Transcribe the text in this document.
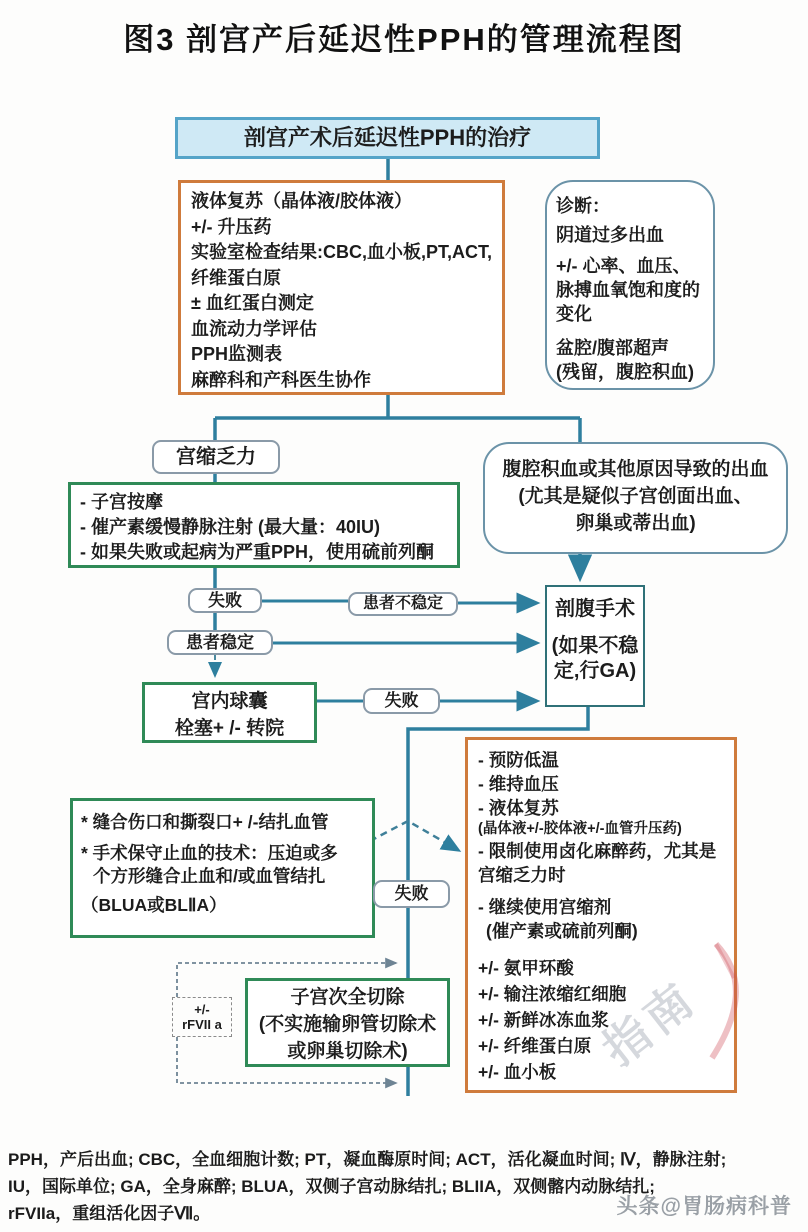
图3 剖宫产后延迟性PPH的管理流程图
剖宫产术后延迟性PPH的治疗
液体复苏（晶体液/胶体液）
+/- 升压药
实验室检查结果:CBC,血小板,PT,ACT,
纤维蛋白原
± 血红蛋白测定
血流动力学评估
PPH监测表
麻醉科和产科医生协作
诊断：
阴道过多出血
+/- 心率、血压、脉搏血氧饱和度的变化
盆腔/腹部超声
(残留，腹腔积血)
宫缩乏力
- 子宫按摩
- 催产素缓慢静脉注射 (最大量：40IU)
- 如果失败或起病为严重PPH，使用硫前列酮
腹腔积血或其他原因导致的出血
(尤其是疑似子宫创面出血、
卵巢或蒂出血)
失败	患者不稳定
患者稳定
宫内球囊
栓塞+ /- 转院
失败
剖腹手术
(如果不稳
定,行GA)
* 缝合伤口和撕裂口+ /-结扎血管
* 手术保守止血的技术：压迫或多
个方形缝合止血和/或血管结扎
（BLUA或BLⅡA）
失败
- 预防低温
- 维持血压
- 液体复苏
(晶体液+/-胶体液+/-血管升压药)
- 限制使用卤化麻醉药，尤其是宫缩乏力时
- 继续使用宫缩剂
(催产素或硫前列酮)
+/- 氨甲环酸
+/- 输注浓缩红细胞
+/- 新鲜冰冻血浆
+/- 纤维蛋白原
+/- 血小板
+/-
rFVII a
子宫次全切除
(不实施输卵管切除术
或卵巢切除术)
PPH，产后出血; CBC，全血细胞计数; PT，凝血酶原时间; ACT，活化凝血时间; Ⅳ，静脉注射;
IU，国际单位; GA，全身麻醉; BLUA，双侧子宫动脉结扎; BLIIA，双侧髂内动脉结扎;
rFVIIa，重组活化因子Ⅶ。
指南
头条@胃肠病科普
